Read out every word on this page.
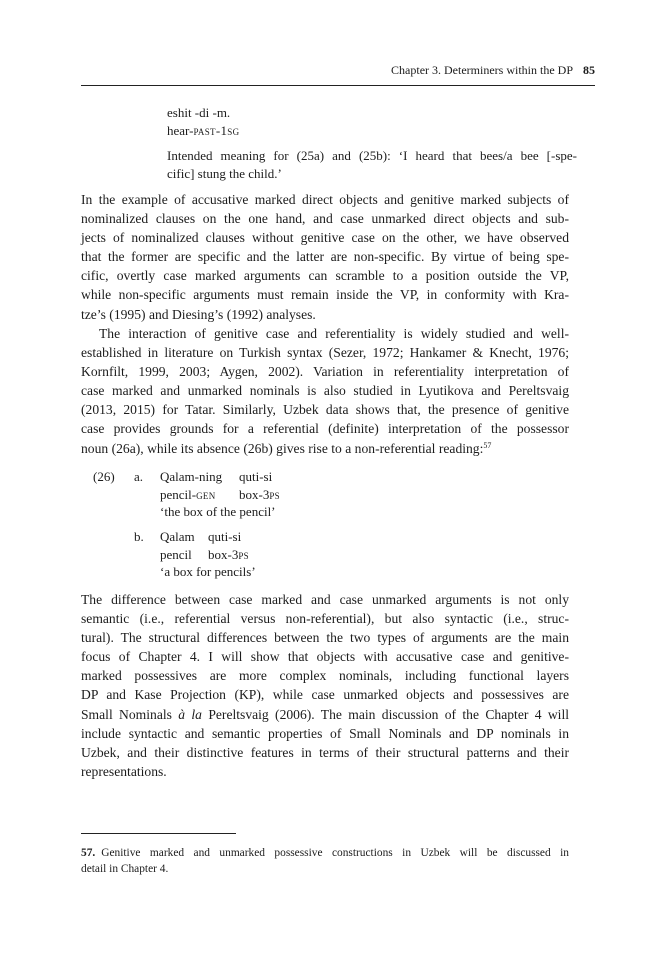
Chapter 3. Determiners within the DP 85
eshit -di -m.
hear-past-1sg
Intended meaning for (25a) and (25b): ‘I heard that bees/a bee [-spe-
cific] stung the child.’

In the example of accusative marked direct objects and genitive marked subjects of
nominalized clauses on the one hand, and case unmarked direct objects and sub-
jects of nominalized clauses without genitive case on the other, we have observed
that the former are specific and the latter are non-specific. By virtue of being spe-
cific, overtly case marked arguments can scramble to a position outside the VP,
while non-specific arguments must remain inside the VP, in conformity with Kra-
tze’s (1995) and Diesing’s (1992) analyses.

The interaction of genitive case and referentiality is widely studied and well-
established in literature on Turkish syntax (Sezer, 1972; Hankamer & Knecht, 1976;
Kornfilt, 1999, 2003; Aygen, 2002). Variation in referentiality interpretation of
case marked and unmarked nominals is also studied in Lyutikova and Pereltsvaig
(2013, 2015) for Tatar. Similarly, Uzbek data shows that, the presence of genitive
case provides grounds for a referential (definite) interpretation of the possessor
noun (26a), while its absence (26b) gives rise to a non-referential reading:$^{57}$

(26) a. Qalam-ning quti-si
pencil-gen box-3ps
‘the box of the pencil’
b. Qalam quti-si
pencil box-3ps
‘a box for pencils’

The difference between case marked and case unmarked arguments is not only
semantic (i.e., referential versus non-referential), but also syntactic (i.e., struc-
tural). The structural differences between the two types of arguments are the main
focus of Chapter 4. I will show that objects with accusative case and genitive-
marked possessives are more complex nominals, including functional layers
DP and Kase Projection (KP), while case unmarked objects and possessives are
Small Nominals à la Pereltsvaig (2006). The main discussion of the Chapter 4 will
include syntactic and semantic properties of Small Nominals and DP nominals in
Uzbek, and their distinctive features in terms of their structural patterns and their
representations.

57. Genitive marked and unmarked possessive constructions in Uzbek will be discussed in
detail in Chapter 4.
